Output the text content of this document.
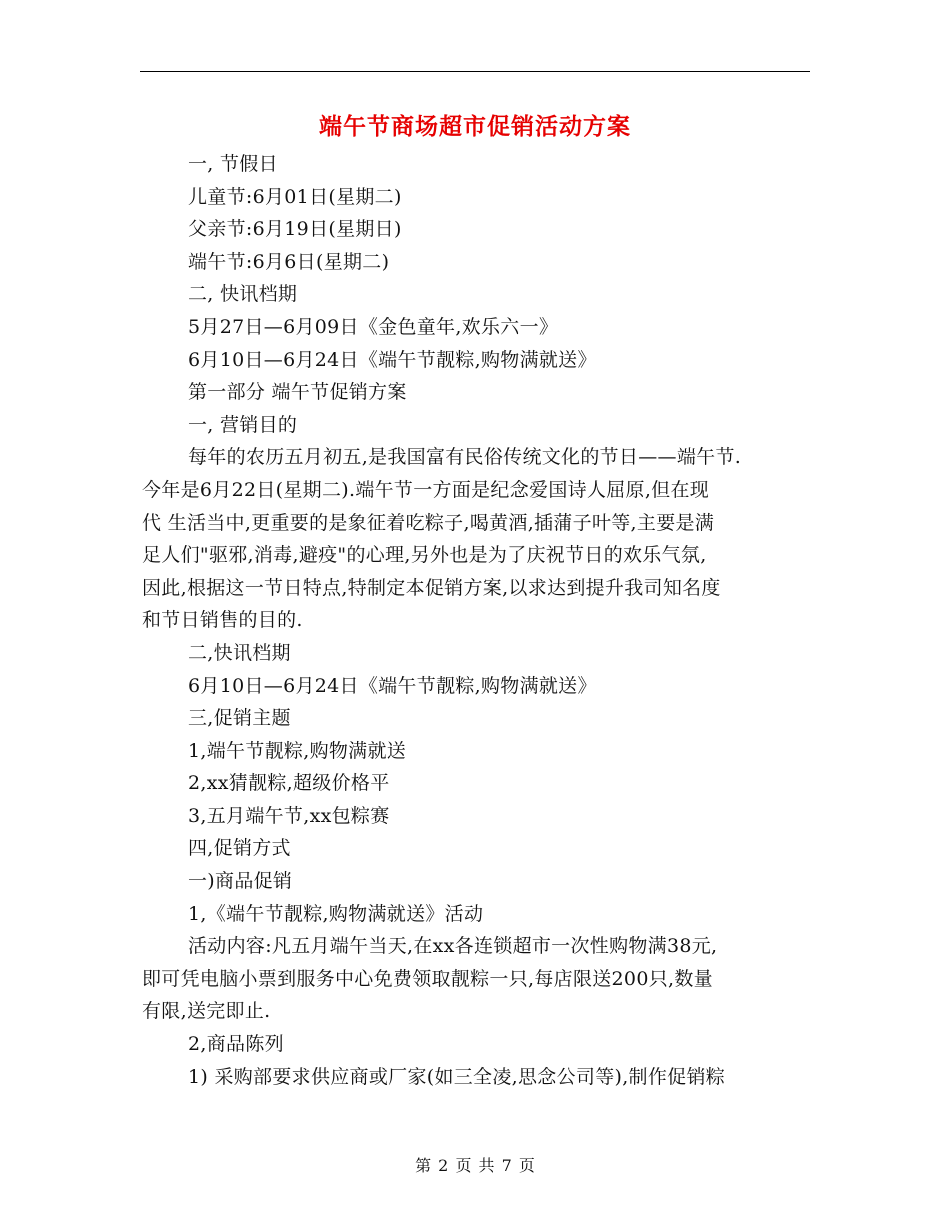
端午节商场超市促销活动方案
一, 节假日
儿童节:6月01日(星期二)
父亲节:6月19日(星期日)
端午节:6月6日(星期二)
二, 快讯档期
5月27日—6月09日《金色童年,欢乐六一》
6月10日—6月24日《端午节靓粽,购物满就送》
第一部分 端午节促销方案
一, 营销目的
每年的农历五月初五,是我国富有民俗传统文化的节日——端午节.
今年是6月22日(星期二).端午节一方面是纪念爱国诗人屈原,但在现
代 生活当中,更重要的是象征着吃粽子,喝黄酒,插蒲子叶等,主要是满
足人们"驱邪,消毒,避疫"的心理,另外也是为了庆祝节日的欢乐气氛,
因此,根据这一节日特点,特制定本促销方案,以求达到提升我司知名度
和节日销售的目的.
二,快讯档期
6月10日—6月24日《端午节靓粽,购物满就送》
三,促销主题
1,端午节靓粽,购物满就送
2,xx猜靓粽,超级价格平
3,五月端午节,xx包粽赛
四,促销方式
一)商品促销
1,《端午节靓粽,购物满就送》活动
活动内容:凡五月端午当天,在xx各连锁超市一次性购物满38元,
即可凭电脑小票到服务中心免费领取靓粽一只,每店限送200只,数量
有限,送完即止.
2,商品陈列
1) 采购部要求供应商或厂家(如三全凌,思念公司等),制作促销粽
第 2 页 共 7 页
